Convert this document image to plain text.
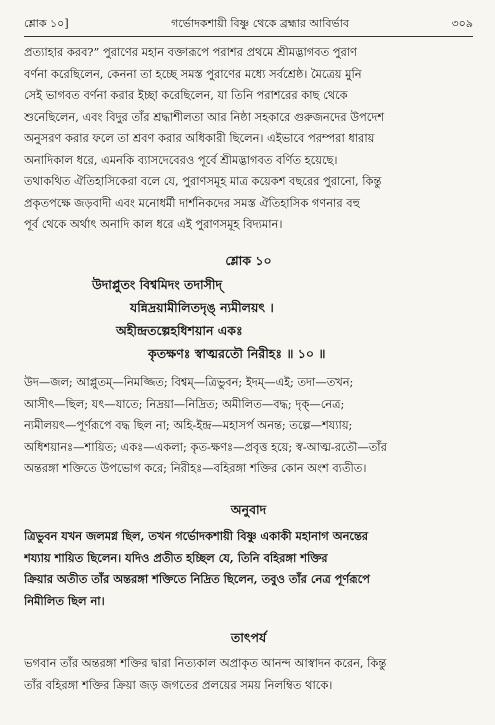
শ্লোক ১০]	গর্ভোদকশায়ী বিষ্ণু থেকে ব্রহ্মার আবির্ভাব	৩০৯

প্রত্যাহার করব?” পুরাণের মহান বক্তারূপে পরাশর প্রথমে শ্রীমদ্ভাগবত পুরাণ
বর্ণনা করেছিলেন, কেননা তা হচ্ছে সমস্ত পুরাণের মধ্যে সর্বশ্রেষ্ঠ। মৈত্রেয় মুনি
সেই ভাগবত বর্ণনা করার ইচ্ছা করেছিলেন, যা তিনি পরাশরের কাছ থেকে
শুনেছিলেন, এবং বিদুর তাঁর শ্রদ্ধাশীলতা আর নিষ্ঠা সহকারে গুরুজনদের উপদেশ
অনুসরণ করার ফলে তা শ্রবণ করার অধিকারী ছিলেন। এইভাবে পরম্পরা ধারায়
অনাদিকাল ধরে, এমনকি ব্যাসদেবেরও পূর্বে শ্রীমদ্ভাগবত বর্ণিত হয়েছে।
তথাকথিত ঐতিহাসিকেরা বলে যে, পুরাণসমূহ মাত্র কয়েকশ বছরের পুরানো, কিন্তু
প্রকৃতপক্ষে জড়বাদী এবং মনোধর্মী দার্শনিকদের সমস্ত ঐতিহাসিক গণনার বহু
পূর্ব থেকে অর্থাৎ অনাদি কাল ধরে এই পুরাণসমূহ বিদ্যমান।

শ্লোক ১০
উদাপ্লুতং বিশ্বমিদং তদাসীদ্
যন্নিদ্রয়ামীলিতদৃঙ্ ন্যমীলয়ৎ ।
অহীন্দ্রতল্পেহধিশয়ান একঃ
কৃতক্ষণঃ স্বাত্মরতৌ নিরীহঃ ॥ ১০ ॥

উদ—জল; আপ্লুতম্—নিমজ্জিত; বিশ্বম্—ত্রিভুবন; ইদম্—এই; তদা—তখন;
আসীৎ—ছিল; যৎ—যাতে; নিদ্রয়া—নিদ্রিত; অমীলিত—বদ্ধ; দৃক্—নেত্র;
ন্যমীলয়ৎ—পূর্ণরূপে বদ্ধ ছিল না; অহি-ইন্দ্র—মহাসর্প অনন্ত; তল্পে—শয্যায়;
অধিশয়ানঃ—শায়িত; একঃ—একলা; কৃত-ক্ষণঃ—প্রবৃত্ত হয়ে; স্ব-আত্ম-রতৌ—তাঁর
অন্তরঙ্গা শক্তিতে উপভোগ করে; নিরীহঃ—বহিরঙ্গা শক্তির কোন অংশ ব্যতীত।

অনুবাদ

ত্রিভুবন যখন জলমগ্ন ছিল, তখন গর্ভোদকশায়ী বিষ্ণু একাকী মহানাগ অনন্তের
শয্যায় শায়িত ছিলেন। যদিও প্রতীত হচ্ছিল যে, তিনি বহিরঙ্গা শক্তির
ক্রিয়ার অতীত তাঁর অন্তরঙ্গা শক্তিতে নিদ্রিত ছিলেন, তবুও তাঁর নেত্র পূর্ণরূপে
নিমীলিত ছিল না।

তাৎপর্য

ভগবান তাঁর অন্তরঙ্গা শক্তির দ্বারা নিত্যকাল অপ্রাকৃত আনন্দ আস্বাদন করেন, কিন্তু
তাঁর বহিরঙ্গা শক্তির ক্রিয়া জড় জগতের প্রলয়ের সময় নিলম্বিত থাকে।
